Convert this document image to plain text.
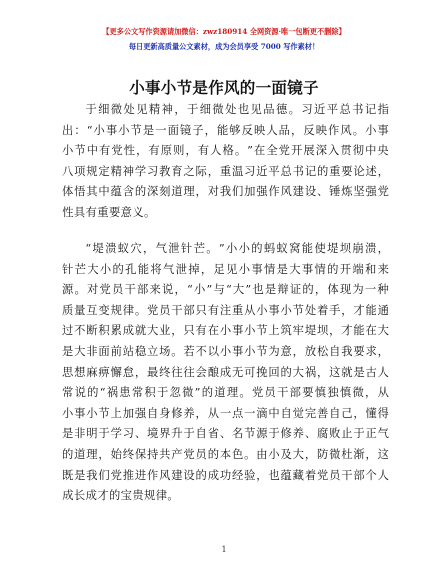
【更多公文写作资源请加微信：zwz180914 全网资源·唯一包断更不删除】
每日更新高质量公文素材，成为会员享受 7000 写作素材！
小事小节是作风的一面镜子
于 细 微 处 见 精 神 ， 于 细 微 处 也 见 品 德 。 习 近 平 总 书 记 指
出 ： “ 小 事 小 节 是 一 面 镜 子 ， 能 够 反 映 人 品 ， 反 映 作 风 。 小 事
小 节 中 有 党 性 ， 有 原 则 ， 有 人 格 。 ” 在 全 党 开 展 深 入 贯 彻 中 央
八 项 规 定 精 神 学 习 教 育 之 际 ， 重 温 习 近 平 总 书 记 的 重 要 论 述 ，
体 悟 其 中 蕴 含 的 深 刻 道 理 ， 对 我 们 加 强 作 风 建 设 、 锤 炼 坚 强 党
性 具 有 重 要 意 义 。
“ 堤 溃 蚁 穴 ， 气 泄 针 芒 。 ” 小 小 的 蚂 蚁 窝 能 使 堤 坝 崩 溃 ，
针 芒 大 小 的 孔 能 将 气 泄 掉 ， 足 见 小 事 情 是 大 事 情 的 开 端 和 来
源 。 对 党 员 干 部 来 说 ， “ 小 ” 与 “ 大 ” 也 是 辩 证 的 ， 体 现 为 一 种
质 量 互 变 规 律 。 党 员 干 部 只 有 注 重 从 小 事 小 节 处 着 手 ， 才 能 通
过 不 断 积 累 成 就 大 业 ， 只 有 在 小 事 小 节 上 筑 牢 堤 坝 ， 才 能 在 大
是 大 非 面 前 站 稳 立 场 。 若 不 以 小 事 小 节 为 意 ， 放 松 自 我 要 求 ，
思 想 麻 痹 懈 怠 ， 最 终 往 往 会 酿 成 无 可 挽 回 的 大 祸 ， 这 就 是 古 人
常 说 的 “ 祸 患 常 积 于 忽 微 ” 的 道 理 。 党 员 干 部 要 慎 独 慎 微 ， 从
小 事 小 节 上 加 强 自 身 修 养 ， 从 一 点 一 滴 中 自 觉 完 善 自 己 ， 懂 得
是 非 明 于 学 习 、 境 界 升 于 自 省 、 名 节 源 于 修 养 、 腐 败 止 于 正 气
的 道 理 ， 始 终 保 持 共 产 党 员 的 本 色 。 由 小 及 大 ， 防 微 杜 渐 ， 这
既 是 我 们 党 推 进 作 风 建 设 的 成 功 经 验 ， 也 蕴 藏 着 党 员 干 部 个 人
成 长 成 才 的 宝 贵 规 律 。
1
